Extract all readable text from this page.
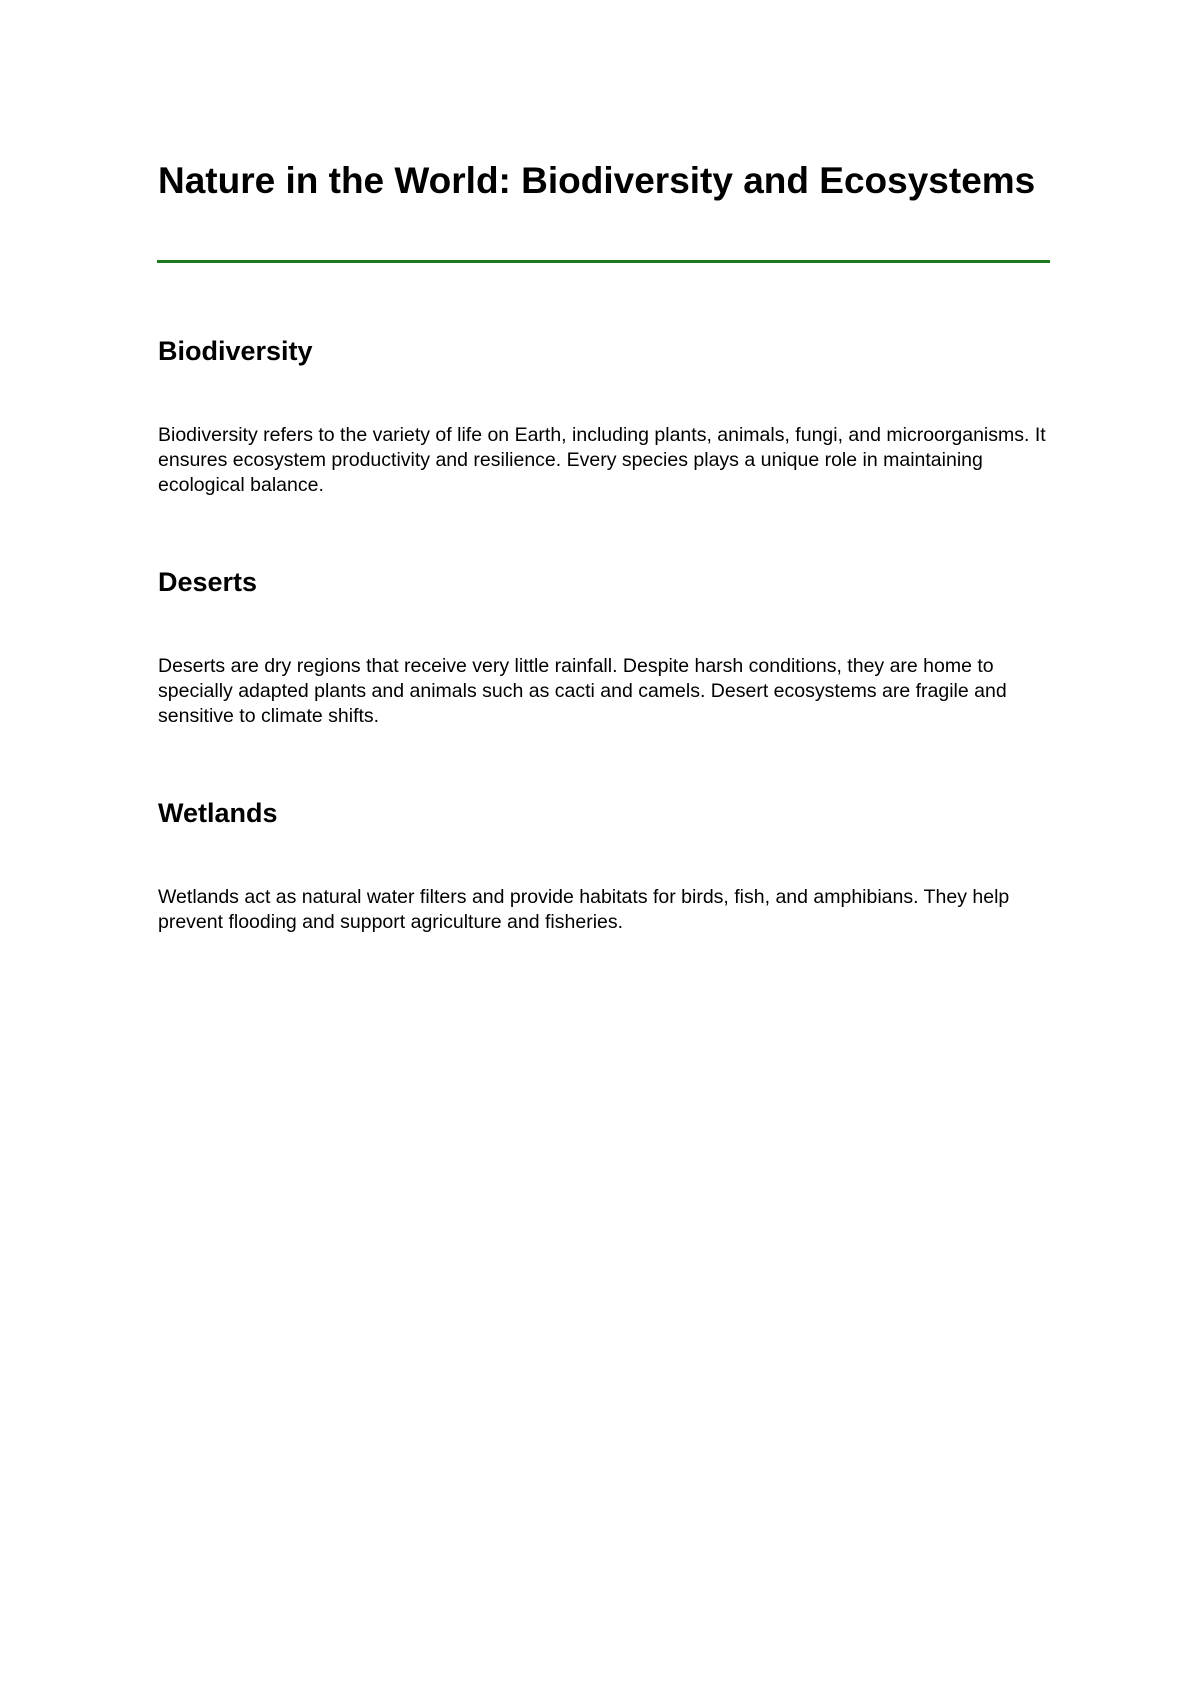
Nature in the World: Biodiversity and Ecosystems
Biodiversity

Biodiversity refers to the variety of life on Earth, including plants, animals, fungi, and microorganisms. It ensures ecosystem productivity and resilience. Every species plays a unique role in maintaining ecological balance.

Deserts

Deserts are dry regions that receive very little rainfall. Despite harsh conditions, they are home to specially adapted plants and animals such as cacti and camels. Desert ecosystems are fragile and sensitive to climate shifts.

Wetlands

Wetlands act as natural water filters and provide habitats for birds, fish, and amphibians. They help prevent flooding and support agriculture and fisheries.
